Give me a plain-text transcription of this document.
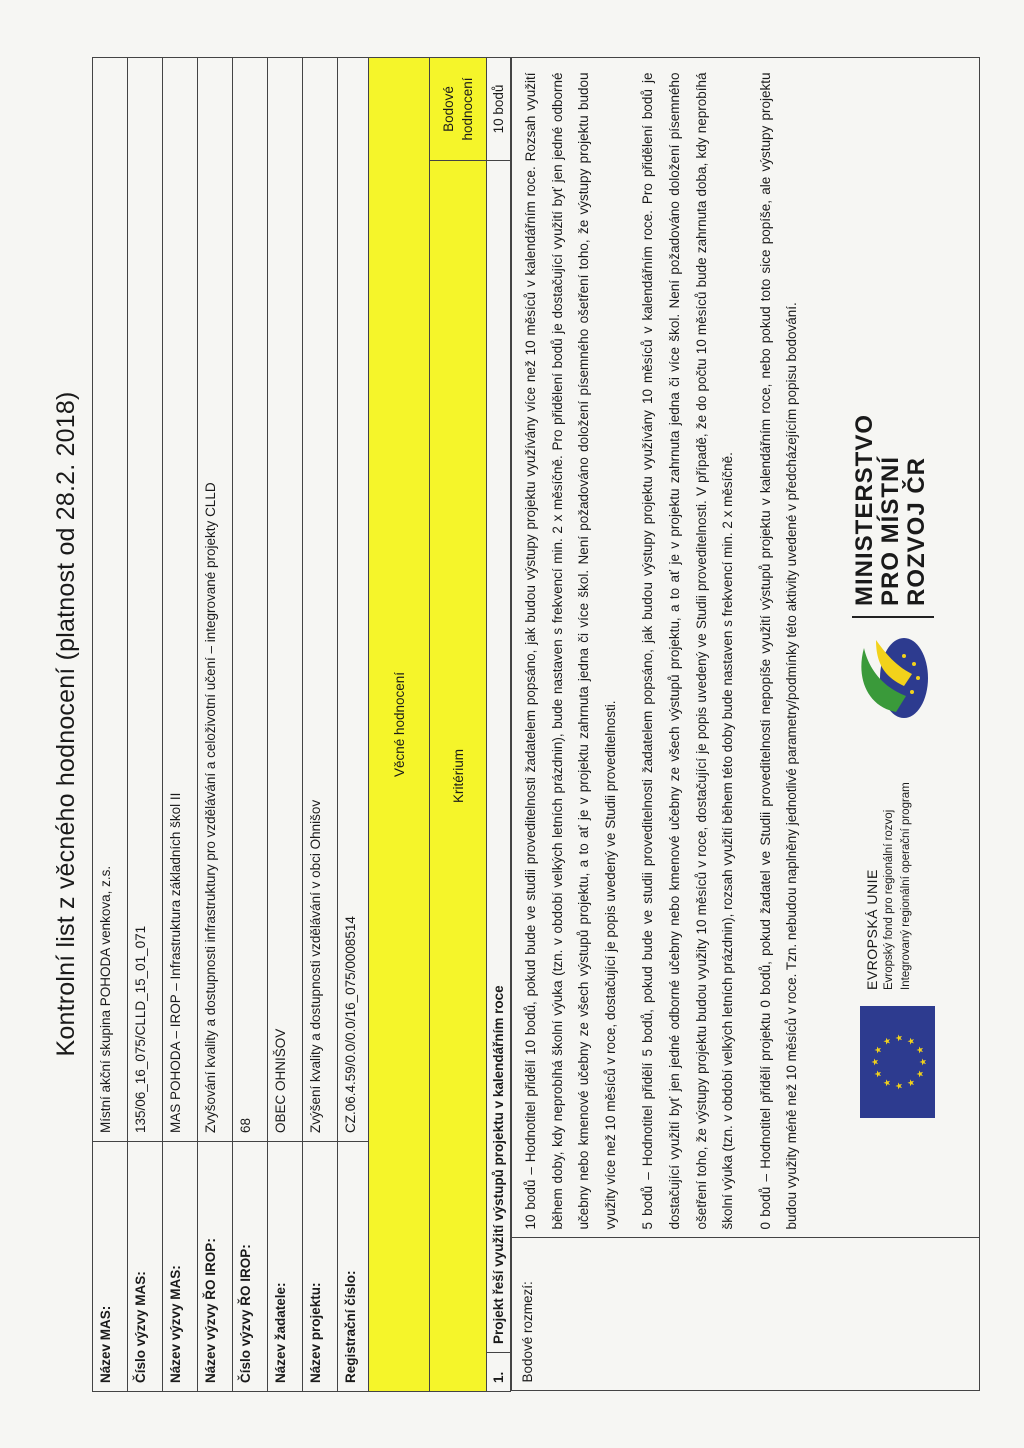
Kontrolní list z věcného hodnocení (platnost od 28.2. 2018)
Název MAS:	Místní akční skupina POHODA venkova, z.s.
Číslo výzvy MAS:	135/06_16_075/CLLD_15_01_071
Název výzvy MAS:	MAS POHODA – IROP – Infrastruktura základních škol II
Název výzvy ŘO IROP:	Zvyšování kvality a dostupnosti infrastruktury pro vzdělávání a celoživotní učení – integrované projekty CLLD
Číslo výzvy ŘO IROP:	68
Název žadatele:	OBEC OHNIŠOV
Název projektu:	Zvýšení kvality a dostupnosti vzdělávání v obci Ohnišov
Registrační číslo:	CZ.06.4.59/0.0/0.0/16_075/0008514

Věcné hodnocení
Kritérium	Bodové hodnocení
1.	Projekt řeší využití výstupů projektu v kalendářním roce	10 bodů

Bodové rozmezí:	

10 bodů – Hodnotitel přidělí 10 bodů, pokud bude ve studii proveditelnosti žadatelem popsáno, jak budou výstupy projektu využívány více než 10 měsíců v kalendářním roce. Rozsah využití během doby, kdy neprobíhá školní výuka (tzn. v období velkých letních prázdnin), bude nastaven s frekvencí min. 2 x měsíčně. Pro přidělení bodů je dostačující využití byť jen jedné odborné učebny nebo kmenové učebny ze všech výstupů projektu, a to ať je v projektu zahrnuta jedna či více škol. Není požadováno doložení písemného ošetření toho, že výstupy projektu budou využity více než 10 měsíců v roce, dostačující je popis uvedený ve Studii proveditelnosti.	5 bodů – Hodnotitel přidělí 5 bodů, pokud bude ve studii proveditelnosti žadatelem popsáno, jak budou výstupy projektu využívány 10 měsíců v kalendářním roce. Pro přidělení bodů je dostačující využití byť jen jedné odborné učebny nebo kmenové učebny ze všech výstupů projektu, a to ať je v projektu zahrnuta jedna či více škol. Není požadováno doložení písemného ošetření toho, že výstupy projektu budou využity 10 měsíců v roce, dostačující je popis uvedený ve Studii proveditelnosti. V případě, že do počtu 10 měsíců bude zahrnuta doba, kdy neprobíhá školní výuka (tzn. v období velkých letních prázdnin), rozsah využití během této doby bude nastaven s frekvencí min. 2 x měsíčně.	0 bodů – Hodnotitel přidělí projektu 0 bodů, pokud žadatel ve Studii proveditelnosti nepopíše využití výstupů projektu v kalendářním roce, nebo pokud toto sice popíše, ale výstupy projektu budou využity méně než 10 měsíců v roce. Tzn. nebudou naplněny jednotlivé parametry/podmínky této aktivity uvedené v předcházejícím popisu bodování.	★
★
★ ★ ★
★
★
★
★
★
★
★
EVROPSKÁ UNIE Evropský fond pro regionální rozvoj Integrovaný regionální operační program
MINISTERSTVO PRO MÍSTNÍ ROZVOJ ČR
